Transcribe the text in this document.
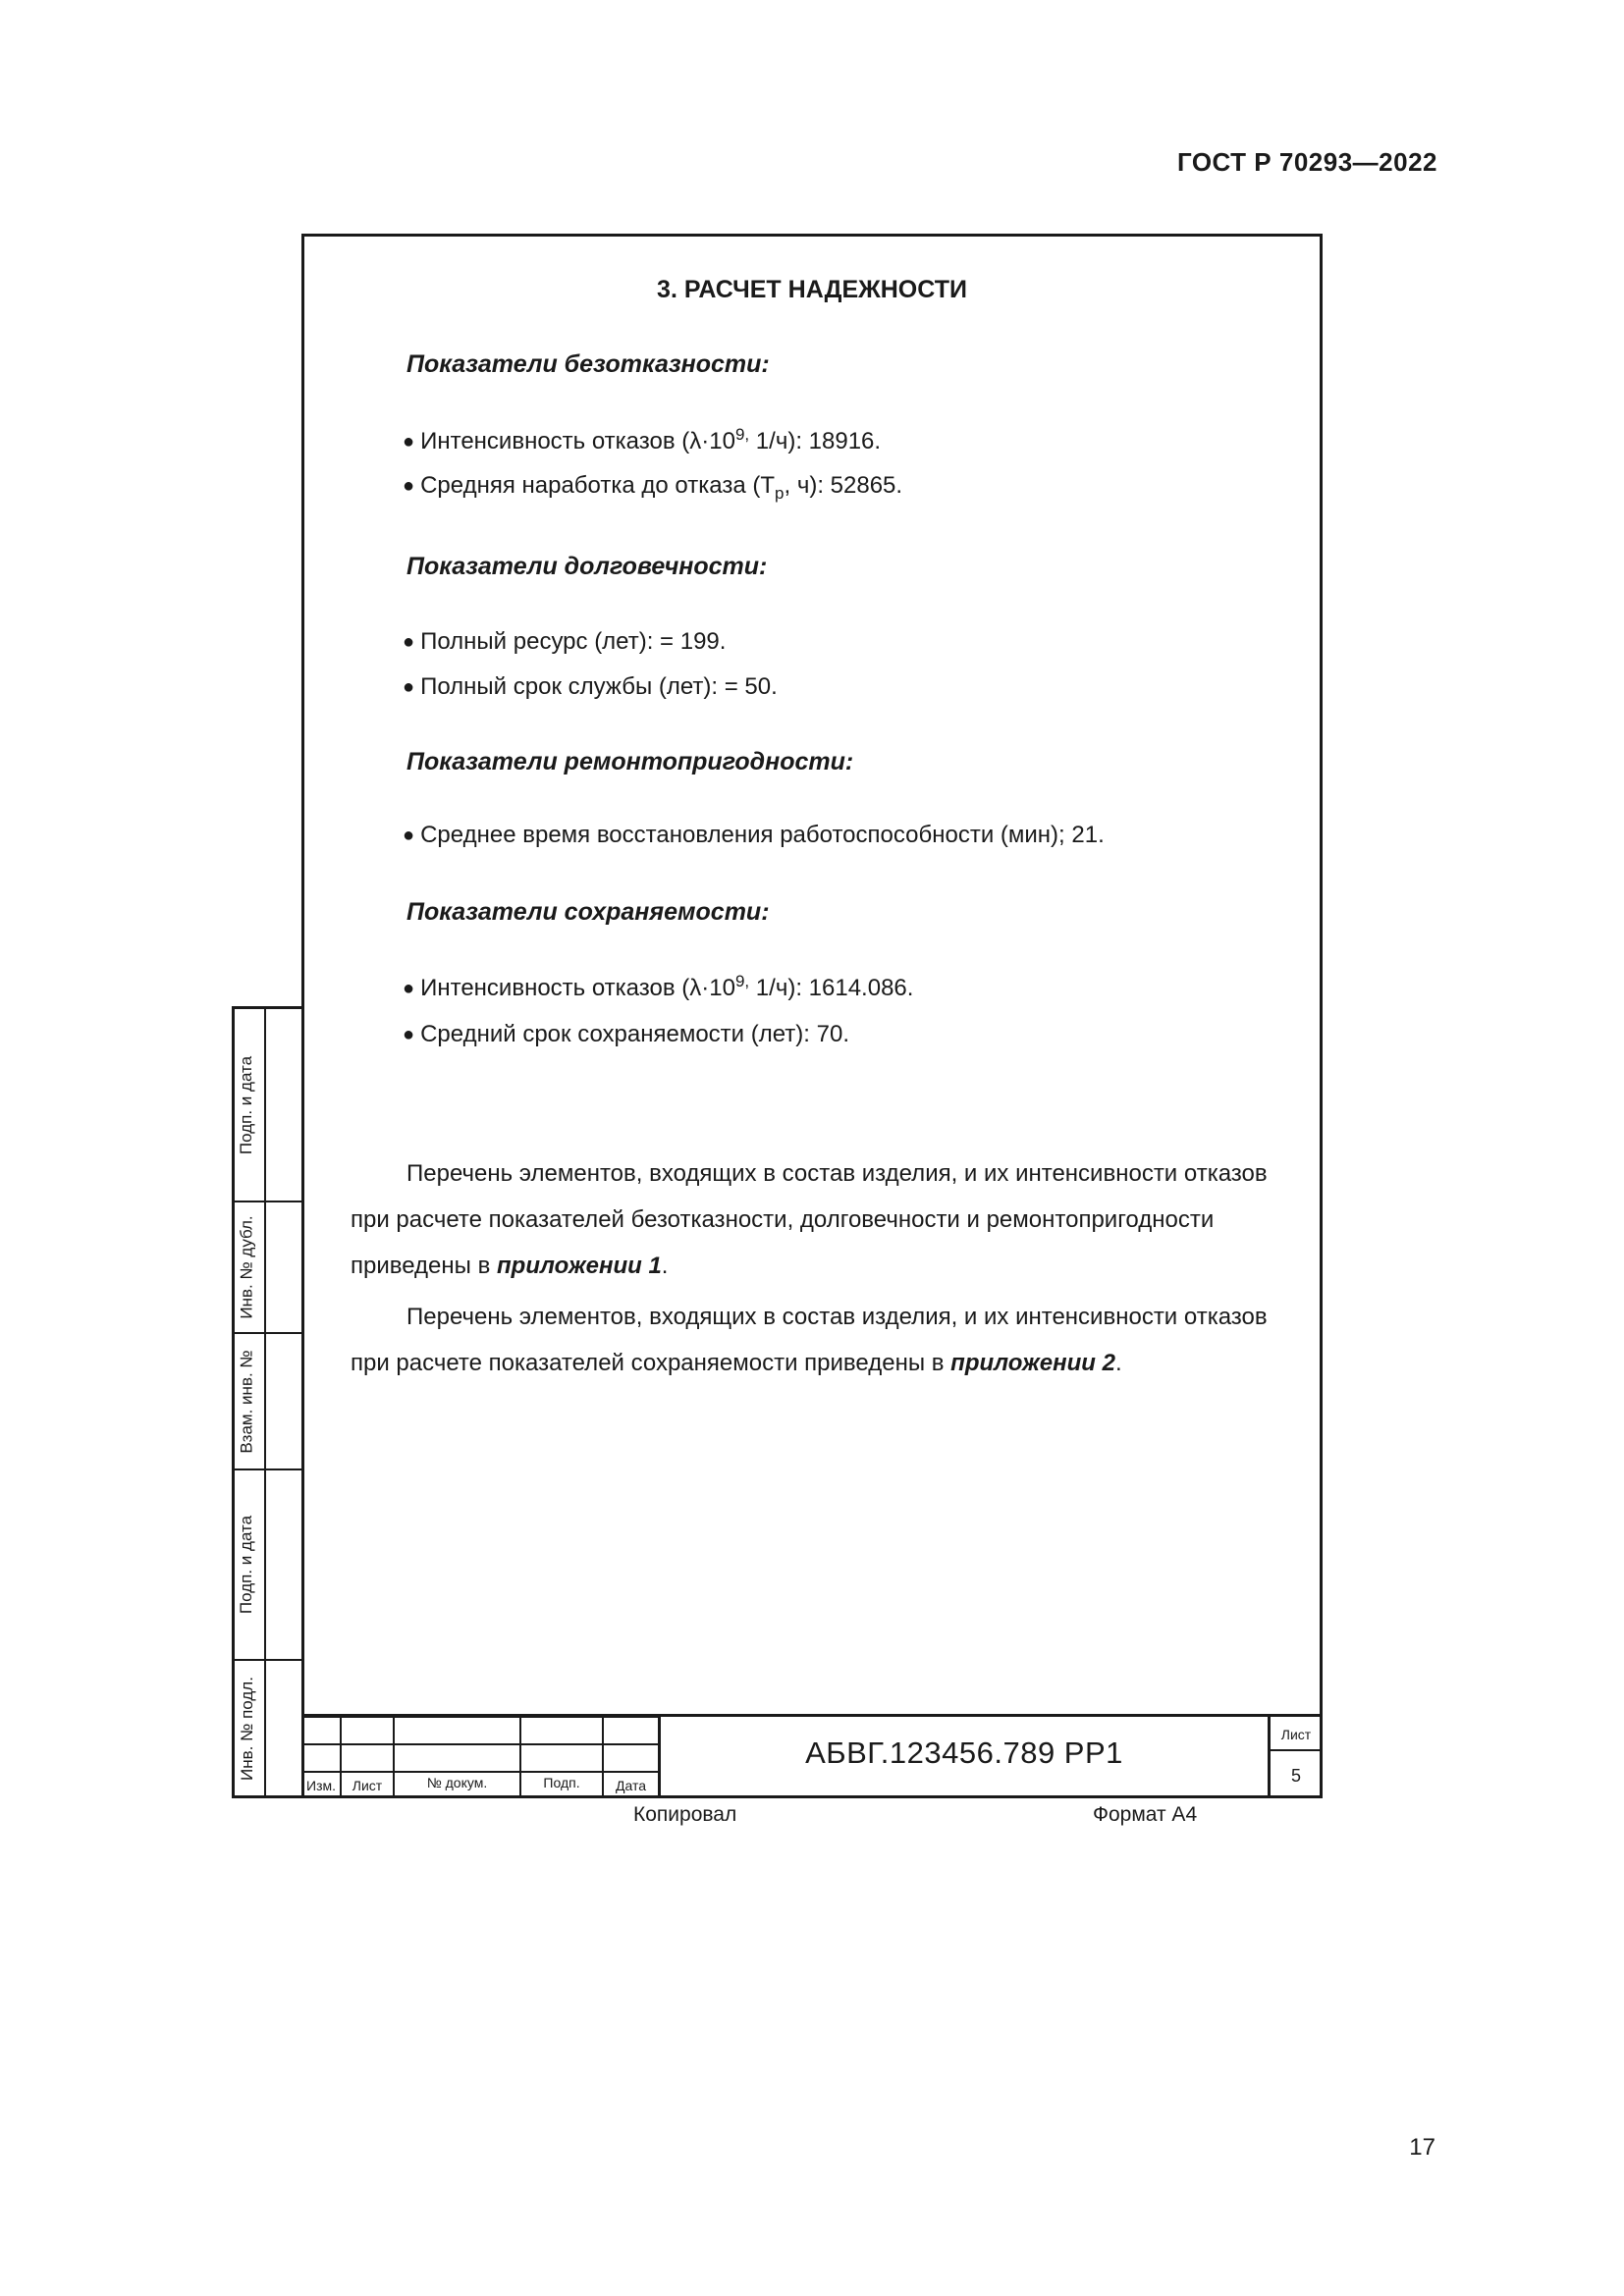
ГОСТ Р 70293—2022
3. РАСЧЕТ НАДЕЖНОСТИ
Показатели безотказности:
● Интенсивность отказов ($\lambda\cdot 10^{9,}$ 1/ч): 18916.
● Средняя наработка до отказа ($T_р$, ч): 52865.
Показатели долговечности:
● Полный ресурс (лет): = 199.
● Полный срок службы (лет): = 50.
Показатели ремонтопригодности:
● Среднее время восстановления работоспособности (мин); 21.
Показатели сохраняемости:
● Интенсивность отказов ($\lambda\cdot 10^{9,}$ 1/ч): 1614.086.
● Средний срок сохраняемости (лет): 70.
Перечень элементов, входящих в состав изделия, и их интенсивности отказов при расчете показателей безотказности, долговечности и ремонтопригодности приведены в приложении 1.
Перечень элементов, входящих в состав изделия, и их интенсивности отказов при расчете показателей сохраняемости приведены в приложении 2.
Подп. и дата
Инв. № дубл.
Взам. инв. №
Подп. и дата
Инв. № подл.
Изм.	Лист	№ докум.	Подп.	Дата
АБВГ.123456.789 РР1
Лист
5
Копировал	Формат А4
17
